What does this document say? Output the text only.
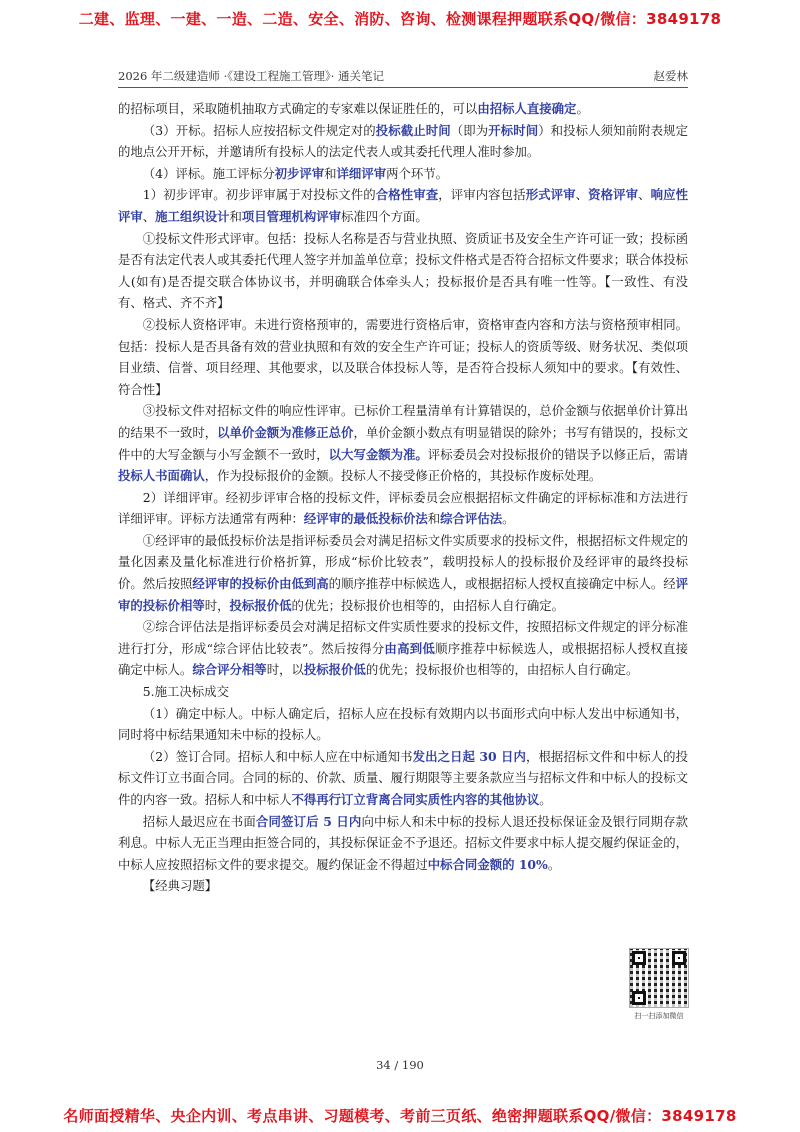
二建、监理、一建、一造、二造、安全、消防、咨询、检测课程押题联系QQ/微信：3849178
2026 年二级建造师 ·《建设工程施工管理》· 通关笔记	赵爱林

的招标项目，采取随机抽取方式确定的专家难以保证胜任的，可以由招标人直接确定。

（3）开标。招标人应按招标文件规定对的投标截止时间（即为开标时间）和投标人须知前附表规定的地点公开开标，并邀请所有投标人的法定代表人或其委托代理人准时参加。

（4）评标。施工评标分初步评审和详细评审两个环节。

1）初步评审。初步评审属于对投标文件的合格性审查，评审内容包括形式评审、资格评审、响应性评审、施工组织设计和项目管理机构评审标准四个方面。

①投标文件形式评审。包括：投标人名称是否与营业执照、资质证书及安全生产许可证一致；投标函是否有法定代表人或其委托代理人签字并加盖单位章；投标文件格式是否符合招标文件要求；联合体投标人(如有)是否提交联合体协议书，并明确联合体牵头人；投标报价是否具有唯一性等。【一致性、有没有、格式、齐不齐】

②投标人资格评审。未进行资格预审的，需要进行资格后审，资格审查内容和方法与资格预审相同。包括：投标人是否具备有效的营业执照和有效的安全生产许可证；投标人的资质等级、财务状况、类似项目业绩、信誉、项目经理、其他要求，以及联合体投标人等，是否符合投标人须知中的要求。【有效性、符合性】

③投标文件对招标文件的响应性评审。已标价工程量清单有计算错误的，总价金额与依据单价计算出的结果不一致时，以单价金额为准修正总价，单价金额小数点有明显错误的除外；书写有错误的，投标文件中的大写金额与小写金额不一致时，以大写金额为准。评标委员会对投标报价的错误予以修正后，需请投标人书面确认，作为投标报价的金额。投标人不接受修正价格的，其投标作废标处理。

2）详细评审。经初步评审合格的投标文件，评标委员会应根据招标文件确定的评标标准和方法进行详细评审。评标方法通常有两种：经评审的最低投标价法和综合评估法。

①经评审的最低投标价法是指评标委员会对满足招标文件实质要求的投标文件，根据招标文件规定的量化因素及量化标准进行价格折算，形成“标价比较表”，载明投标人的投标报价及经评审的最终投标价。然后按照经评审的投标价由低到高的顺序推荐中标候选人，或根据招标人授权直接确定中标人。经评审的投标价相等时，投标报价低的优先；投标报价也相等的，由招标人自行确定。

②综合评估法是指评标委员会对满足招标文件实质性要求的投标文件，按照招标文件规定的评分标准进行打分，形成“综合评估比较表”。然后按得分由高到低顺序推荐中标候选人，或根据招标人授权直接确定中标人。综合评分相等时，以投标报价低的优先；投标报价也相等的，由招标人自行确定。

5.施工决标成交

（1）确定中标人。中标人确定后，招标人应在投标有效期内以书面形式向中标人发出中标通知书，同时将中标结果通知未中标的投标人。

（2）签订合同。招标人和中标人应在中标通知书发出之日起 30 日内，根据招标文件和中标人的投标文件订立书面合同。合同的标的、价款、质量、履行期限等主要条款应当与招标文件和中标人的投标文件的内容一致。招标人和中标人不得再行订立背离合同实质性内容的其他协议。

招标人最迟应在书面合同签订后 5 日内向中标人和未中标的投标人退还投标保证金及银行同期存款利息。中标人无正当理由拒签合同的，其投标保证金不予退还。招标文件要求中标人提交履约保证金的，中标人应按照招标文件的要求提交。履约保证金不得超过中标合同金额的 10%。

【经典习题】

扫一扫添加微信
34 / 190
名师面授精华、央企内训、考点串讲、习题模考、考前三页纸、绝密押题联系QQ/微信：3849178
